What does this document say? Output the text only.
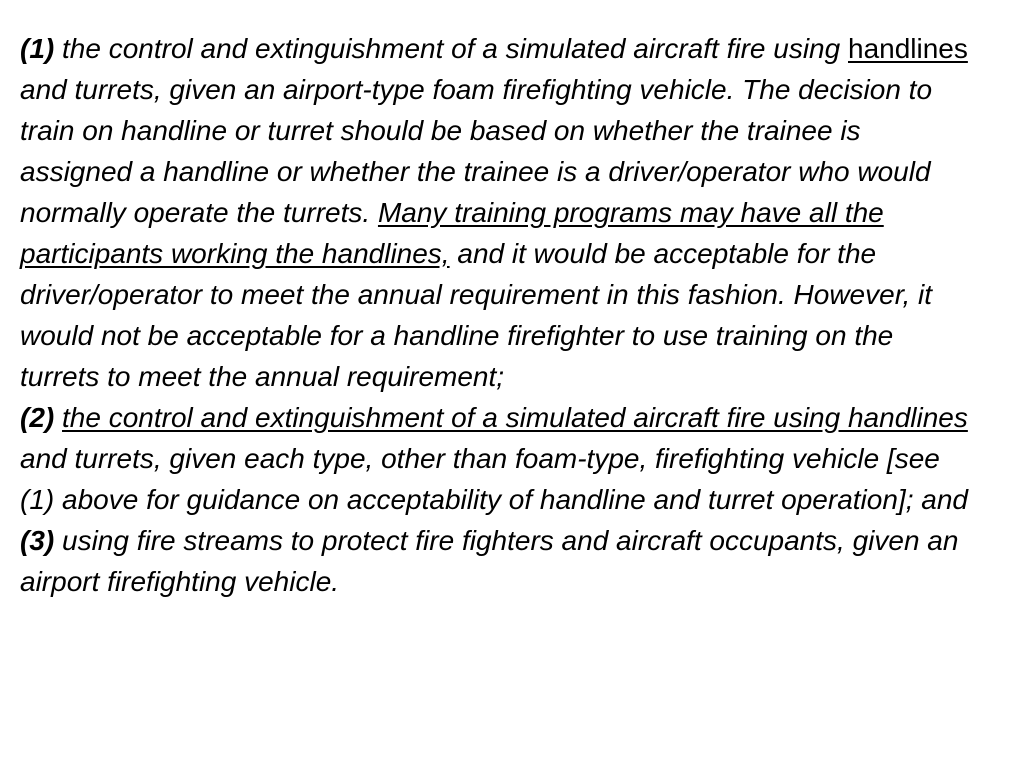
(1) the control and extinguishment of a simulated aircraft fire using handlines and turrets, given an airport-type foam firefighting vehicle. The decision to train on handline or turret should be based on whether the trainee is assigned a handline or whether the trainee is a driver/operator who would normally operate the turrets. Many training programs may have all the participants working the handlines, and it would be acceptable for the driver/operator to meet the annual requirement in this fashion. However, it would not be acceptable for a handline firefighter to use training on the turrets to meet the annual requirement;

(2) the control and extinguishment of a simulated aircraft fire using handlines and turrets, given each type, other than foam-type, firefighting vehicle [see (1) above for guidance on acceptability of handline and turret operation]; and

(3) using fire streams to protect fire fighters and aircraft occupants, given an airport firefighting vehicle.
